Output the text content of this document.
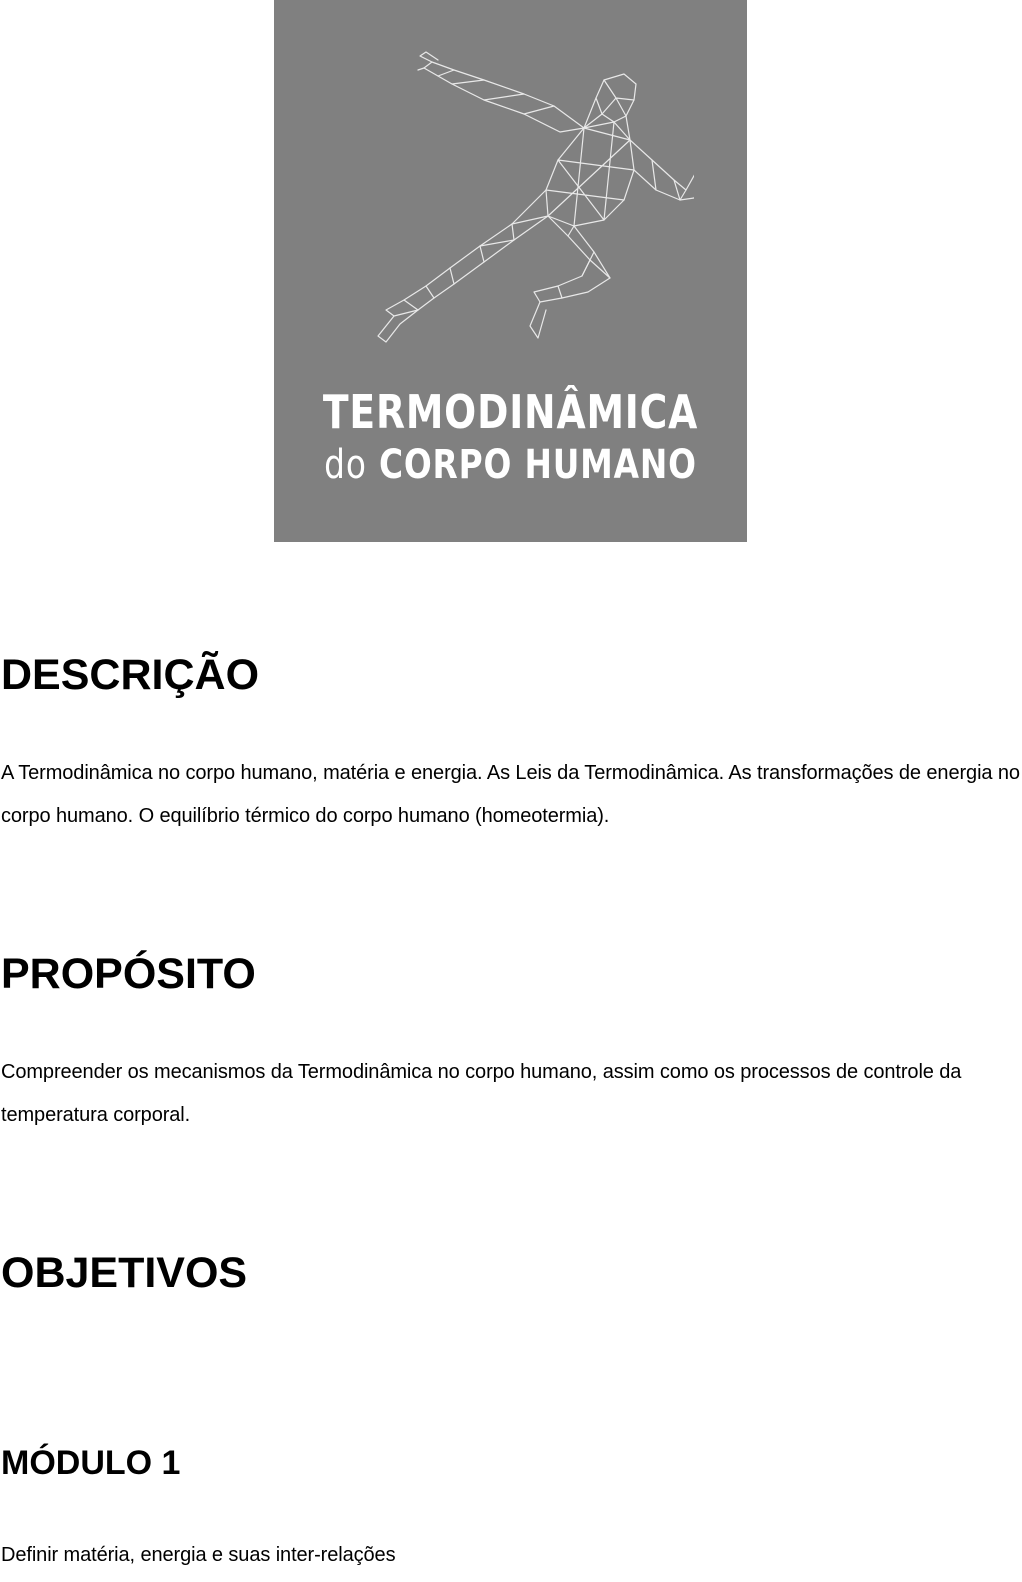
TERMODINÂMICA
do CORPO HUMANO
DESCRIÇÃO

A Termodinâmica no corpo humano, matéria e energia. As Leis da Termodinâmica. As transformações de energia no corpo humano. O equilíbrio térmico do corpo humano (homeotermia).

PROPÓSITO

Compreender os mecanismos da Termodinâmica no corpo humano, assim como os processos de controle da temperatura corporal.

OBJETIVOS
MÓDULO 1

Definir matéria, energia e suas inter-relações
